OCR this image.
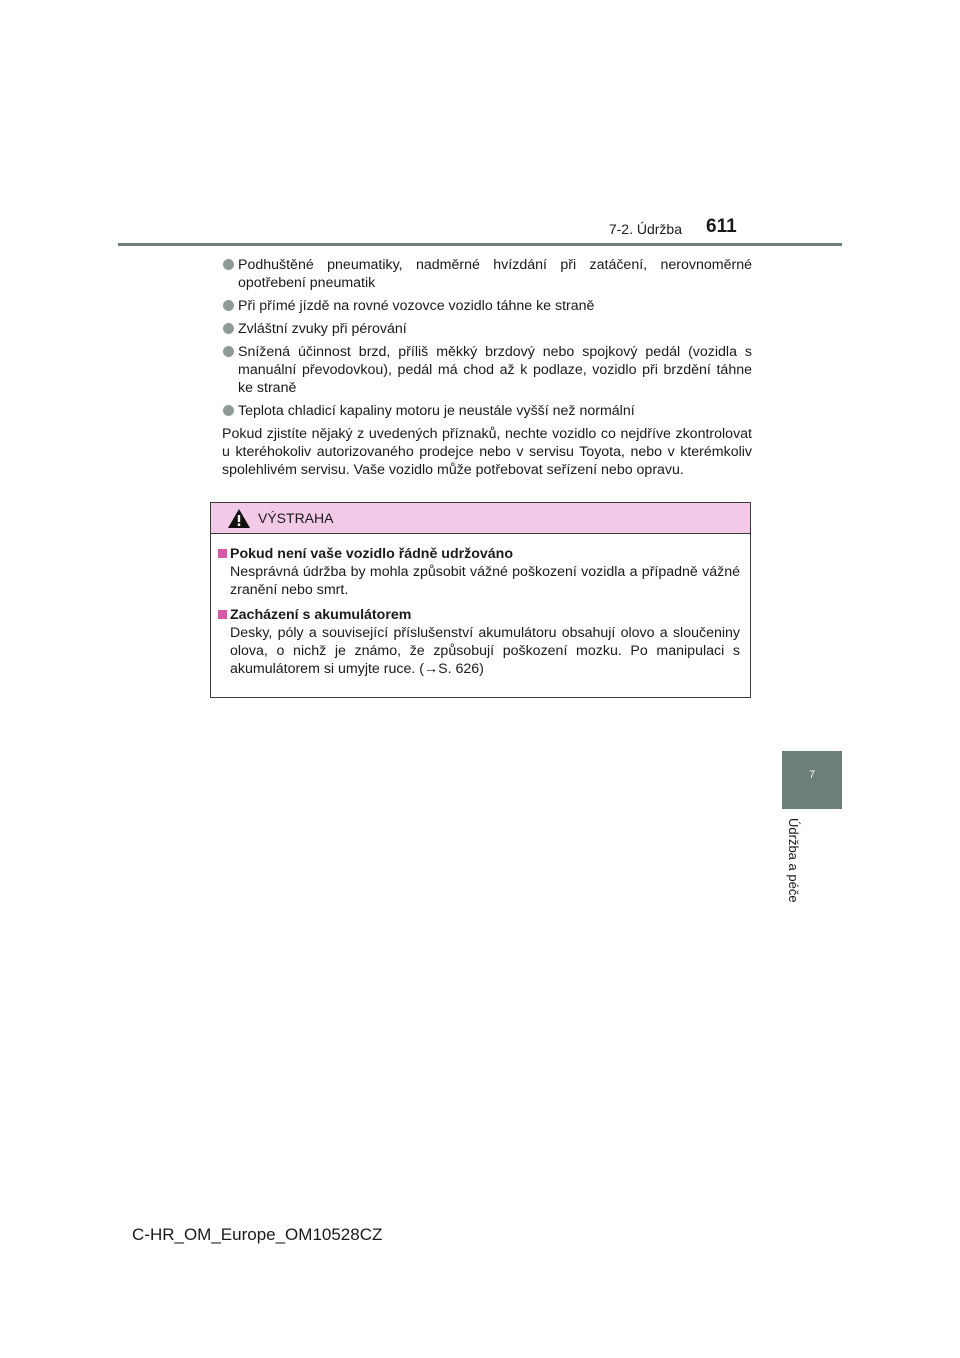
7-2. Údržba 611
Podhuštěné pneumatiky, nadměrné hvízdání při zatáčení, nerovnoměrné opotřebení pneumatik
Při přímé jízdě na rovné vozovce vozidlo táhne ke straně
Zvláštní zvuky při pérování
Snížená účinnost brzd, příliš měkký brzdový nebo spojkový pedál (vozidla s manuální převodovkou), pedál má chod až k podlaze, vozidlo při brzdění táhne ke straně
Teplota chladicí kapaliny motoru je neustále vyšší než normální

Pokud zjistíte nějaký z uvedených příznaků, nechte vozidlo co nejdříve zkontrolovat u kteréhokoliv autorizovaného prodejce nebo v servisu Toyota, nebo v kterémkoliv spolehlivém servisu. Vaše vozidlo může potřebovat seřízení nebo opravu.

VÝSTRAHA
Pokud není vaše vozidlo řádně udržováno
Nesprávná údržba by mohla způsobit vážné poškození vozidla a případně vážné zranění nebo smrt.
Zacházení s akumulátorem
Desky, póly a související příslušenství akumulátoru obsahují olovo a sloučeniny olova, o nichž je známo, že způsobují poškození mozku. Po manipulaci s akumulátorem si umyjte ruce. (→S. 626)
7
Údržba a péče
C-HR_OM_Europe_OM10528CZ
